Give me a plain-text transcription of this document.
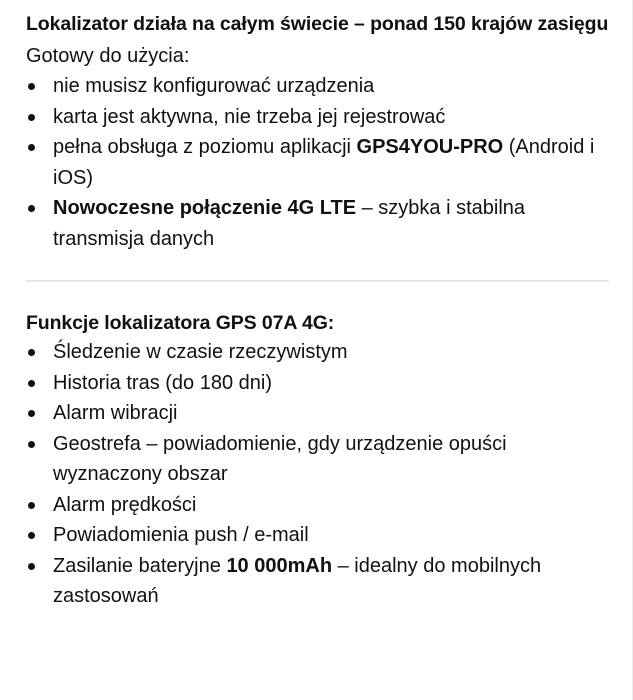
Lokalizator działa na całym świecie – ponad 150 krajów zasięgu

Gotowy do użycia:

nie musisz konfigurować urządzenia
karta jest aktywna, nie trzeba jej rejestrować
pełna obsługa z poziomu aplikacji GPS4YOU-PRO (Android i iOS)
Nowoczesne połączenie 4G LTE – szybka i stabilna transmisja danych
Funkcje lokalizatora GPS 07A 4G:
Śledzenie w czasie rzeczywistym
Historia tras (do 180 dni)
Alarm wibracji
Geostrefa – powiadomienie, gdy urządzenie opuści wyznaczony obszar
Alarm prędkości
Powiadomienia push / e-mail
Zasilanie bateryjne 10 000mAh – idealny do mobilnych zastosowań
